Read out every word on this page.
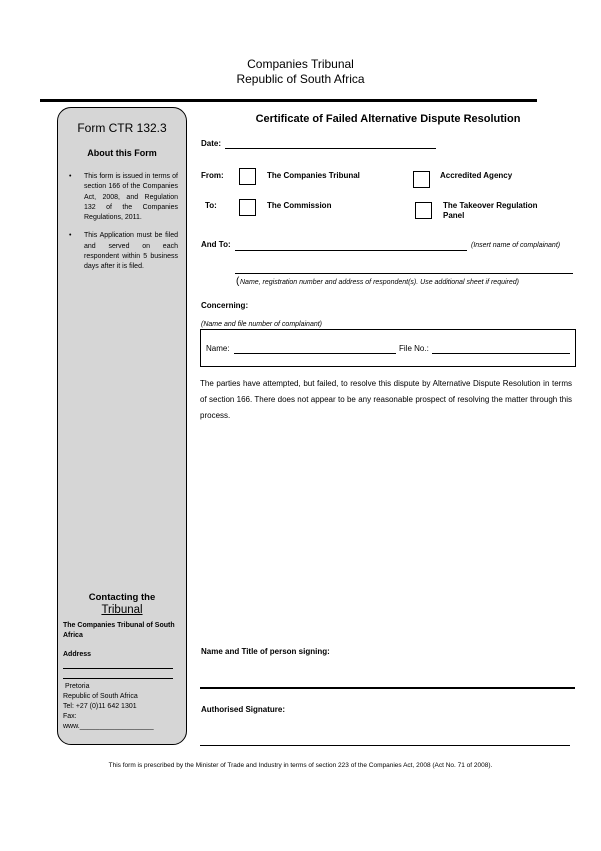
Companies Tribunal
Republic of South Africa
Form CTR 132.3
About this Form
• This form is issued in terms of section 166 of the Companies Act, 2008, and Regulation 132 of the Companies Regulations, 2011.
• This Application must be filed and served on each respondent within 5 business days after it is filed.
Contacting the
Tribunal
The Companies Tribunal of South Africa
Address
Pretoria
Republic of South Africa
Tel: +27 (0)11 642 1301
Fax:
www.___________________
Certificate of Failed Alternative Dispute Resolution
Date:
From:	The Companies Tribunal	Accredited Agency
To:	The Commission	The Takeover Regulation Panel
And To:	(Insert name of complainant)
( Name, registration number and address of respondent(s). Use additional sheet if required)
Concerning:
(Name and file number of complainant)
Name:	File No.:
The parties have attempted, but failed, to resolve this dispute by Alternative Dispute Resolution in terms of section 166. There does not appear to be any reasonable prospect of resolving the matter through this process.
Name and Title of person signing:
Authorised Signature:
This form is prescribed by the Minister of Trade and Industry in terms of section 223 of the Companies Act, 2008 (Act No. 71 of 2008).
